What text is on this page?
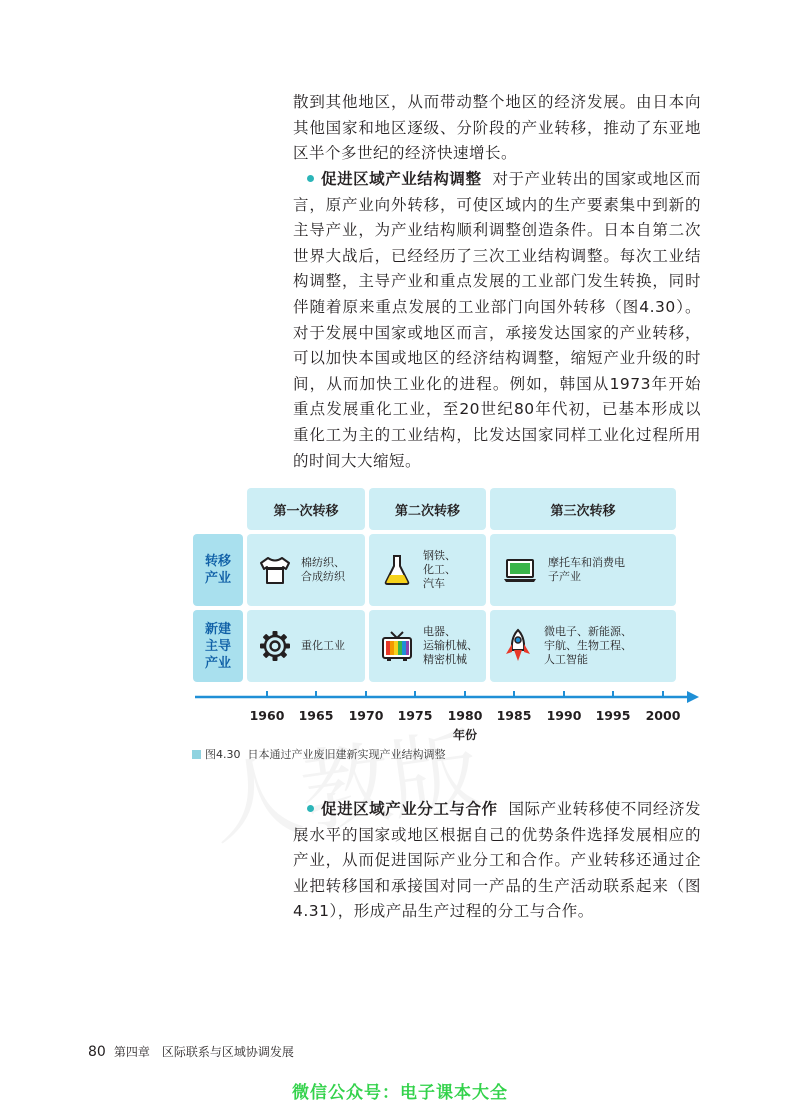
散到其他地区，从而带动整个地区的经济发展。由日本向其他国家和地区逐级、分阶段的产业转移，推动了东亚地区半个多世纪的经济快速增长。

促进区域产业结构调整 对于产业转出的国家或地区而言，原产业向外转移，可使区域内的生产要素集中到新的主导产业，为产业结构顺利调整创造条件。日本自第二次世界大战后，已经经历了三次工业结构调整。每次工业结构调整，主导产业和重点发展的工业部门发生转换，同时伴随着原来重点发展的工业部门向国外转移（图4.30）。对于发展中国家或地区而言，承接发达国家的产业转移，可以加快本国或地区的经济结构调整，缩短产业升级的时间，从而加快工业化的进程。例如，韩国从1973年开始重点发展重化工业，至20世纪80年代初，已基本形成以重化工为主的工业结构，比发达国家同样工业化过程所用的时间大大缩短。

第一次转移	第二次转移	第三次转移
转移
产业
新建
主导
产业
棉纺织、
合成纺织
钢铁、
化工、
汽车
摩托车和消费电
子产业
重化工业
电器、
运输机械、
精密机械
微电子、新能源、
宇航、生物工程、
人工智能
1960 1965 1970 1975 1980 1985 1990 1995 2000
年份
图4.30 日本通过产业废旧建新实现产业结构调整

促进区域产业分工与合作 国际产业转移使不同经济发展水平的国家或地区根据自己的优势条件选择发展相应的产业，从而促进国际产业分工和合作。产业转移还通过企业把转移国和承接国对同一产品的生产活动联系起来（图4.31），形成产品生产过程的分工与合作。

80 第四章　区际联系与区域协调发展
微信公众号：电子课本大全
